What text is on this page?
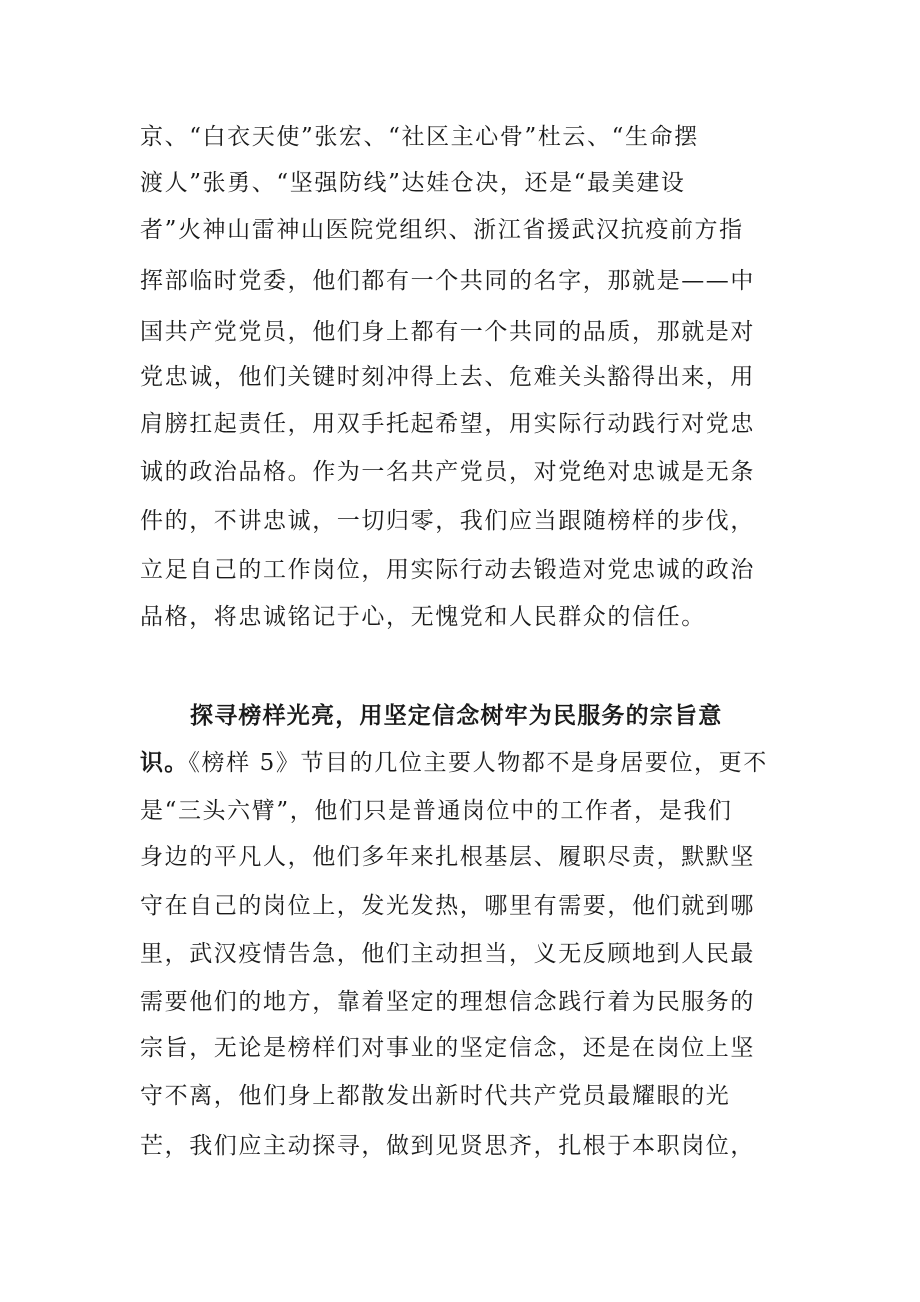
京、“白衣天使”张宏、“社区主心骨”杜云、“生命摆
渡人”张勇、“坚强防线”达娃仓决，还是“最美建设
者”火神山雷神山医院党组织、浙江省援武汉抗疫前方指
挥部临时党委，他们都有一个共同的名字，那就是——中
国共产党党员，他们身上都有一个共同的品质，那就是对
党忠诚，他们关键时刻冲得上去、危难关头豁得出来，用
肩膀扛起责任，用双手托起希望，用实际行动践行对党忠
诚的政治品格。作为一名共产党员，对党绝对忠诚是无条
件的，不讲忠诚，一切归零，我们应当跟随榜样的步伐，
立足自己的工作岗位，用实际行动去锻造对党忠诚的政治
品格，将忠诚铭记于心，无愧党和人民群众的信任。
探寻榜样光亮，用坚定信念树牢为民服务的宗旨意
识。《榜样 5》节目的几位主要人物都不是身居要位，更不
是“三头六臂”，他们只是普通岗位中的工作者，是我们
身边的平凡人，他们多年来扎根基层、履职尽责，默默坚
守在自己的岗位上，发光发热，哪里有需要，他们就到哪
里，武汉疫情告急，他们主动担当，义无反顾地到人民最
需要他们的地方，靠着坚定的理想信念践行着为民服务的
宗旨，无论是榜样们对事业的坚定信念，还是在岗位上坚
守不离，他们身上都散发出新时代共产党员最耀眼的光
芒，我们应主动探寻，做到见贤思齐，扎根于本职岗位，
